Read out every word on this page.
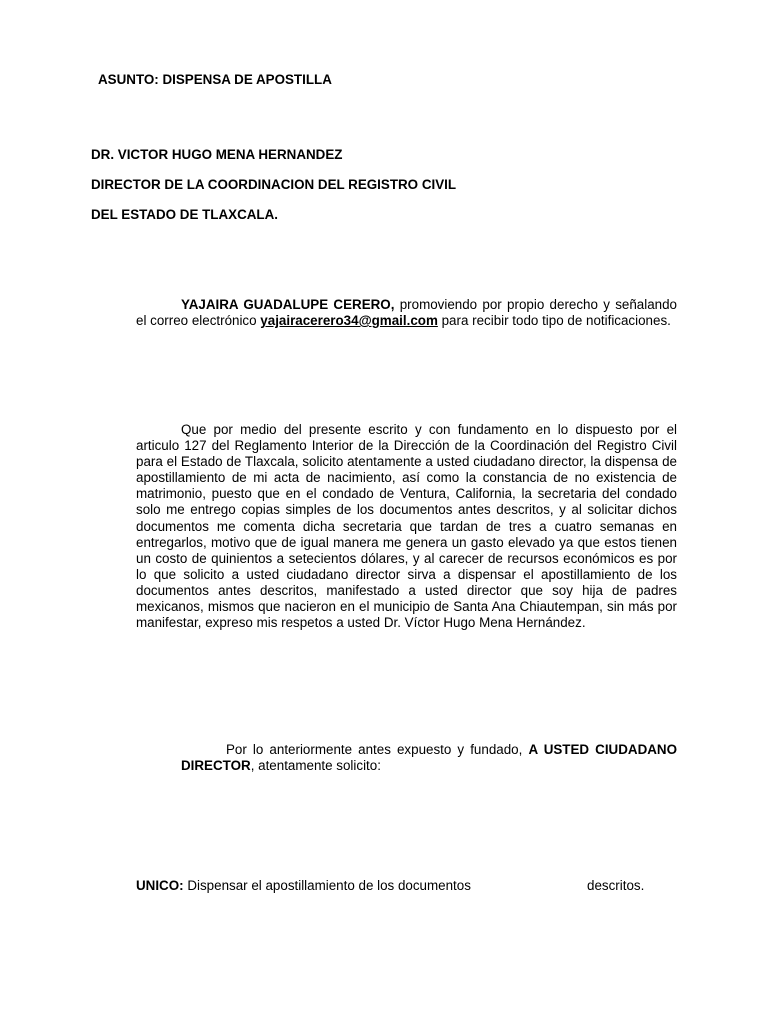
ASUNTO: DISPENSA DE APOSTILLA

DR. VICTOR HUGO MENA HERNANDEZ

DIRECTOR DE LA COORDINACION DEL REGISTRO CIVIL

DEL ESTADO DE TLAXCALA.

YAJAIRA GUADALUPE CERERO, promoviendo por propio derecho y señalando el correo electrónico yajairacerero34@gmail.com para recibir todo tipo de notificaciones.

Que por medio del presente escrito y con fundamento en lo dispuesto por el articulo 127 del Reglamento Interior de la Dirección de la Coordinación del Registro Civil para el Estado de Tlaxcala, solicito atentamente a usted ciudadano director, la dispensa de apostillamiento de mi acta de nacimiento, así como la constancia de no existencia de matrimonio, puesto que en el condado de Ventura, California, la secretaria del condado solo me entrego copias simples de los documentos antes descritos, y al solicitar dichos documentos me comenta dicha secretaria que tardan de tres a cuatro semanas en entregarlos, motivo que de igual manera me genera un gasto elevado ya que estos tienen un costo de quinientos a setecientos dólares, y al carecer de recursos económicos es por lo que solicito a usted ciudadano director sirva a dispensar el apostillamiento de los documentos antes descritos, manifestado a usted director que soy hija de padres mexicanos, mismos que nacieron en el municipio de Santa Ana Chiautempan, sin más por manifestar, expreso mis respetos a usted Dr. Víctor Hugo Mena Hernández.

Por lo anteriormente antes expuesto y fundado, A USTED CIUDADANO DIRECTOR, atentamente solicito:

UNICO: Dispensar el apostillamiento de los documentos	descritos.
